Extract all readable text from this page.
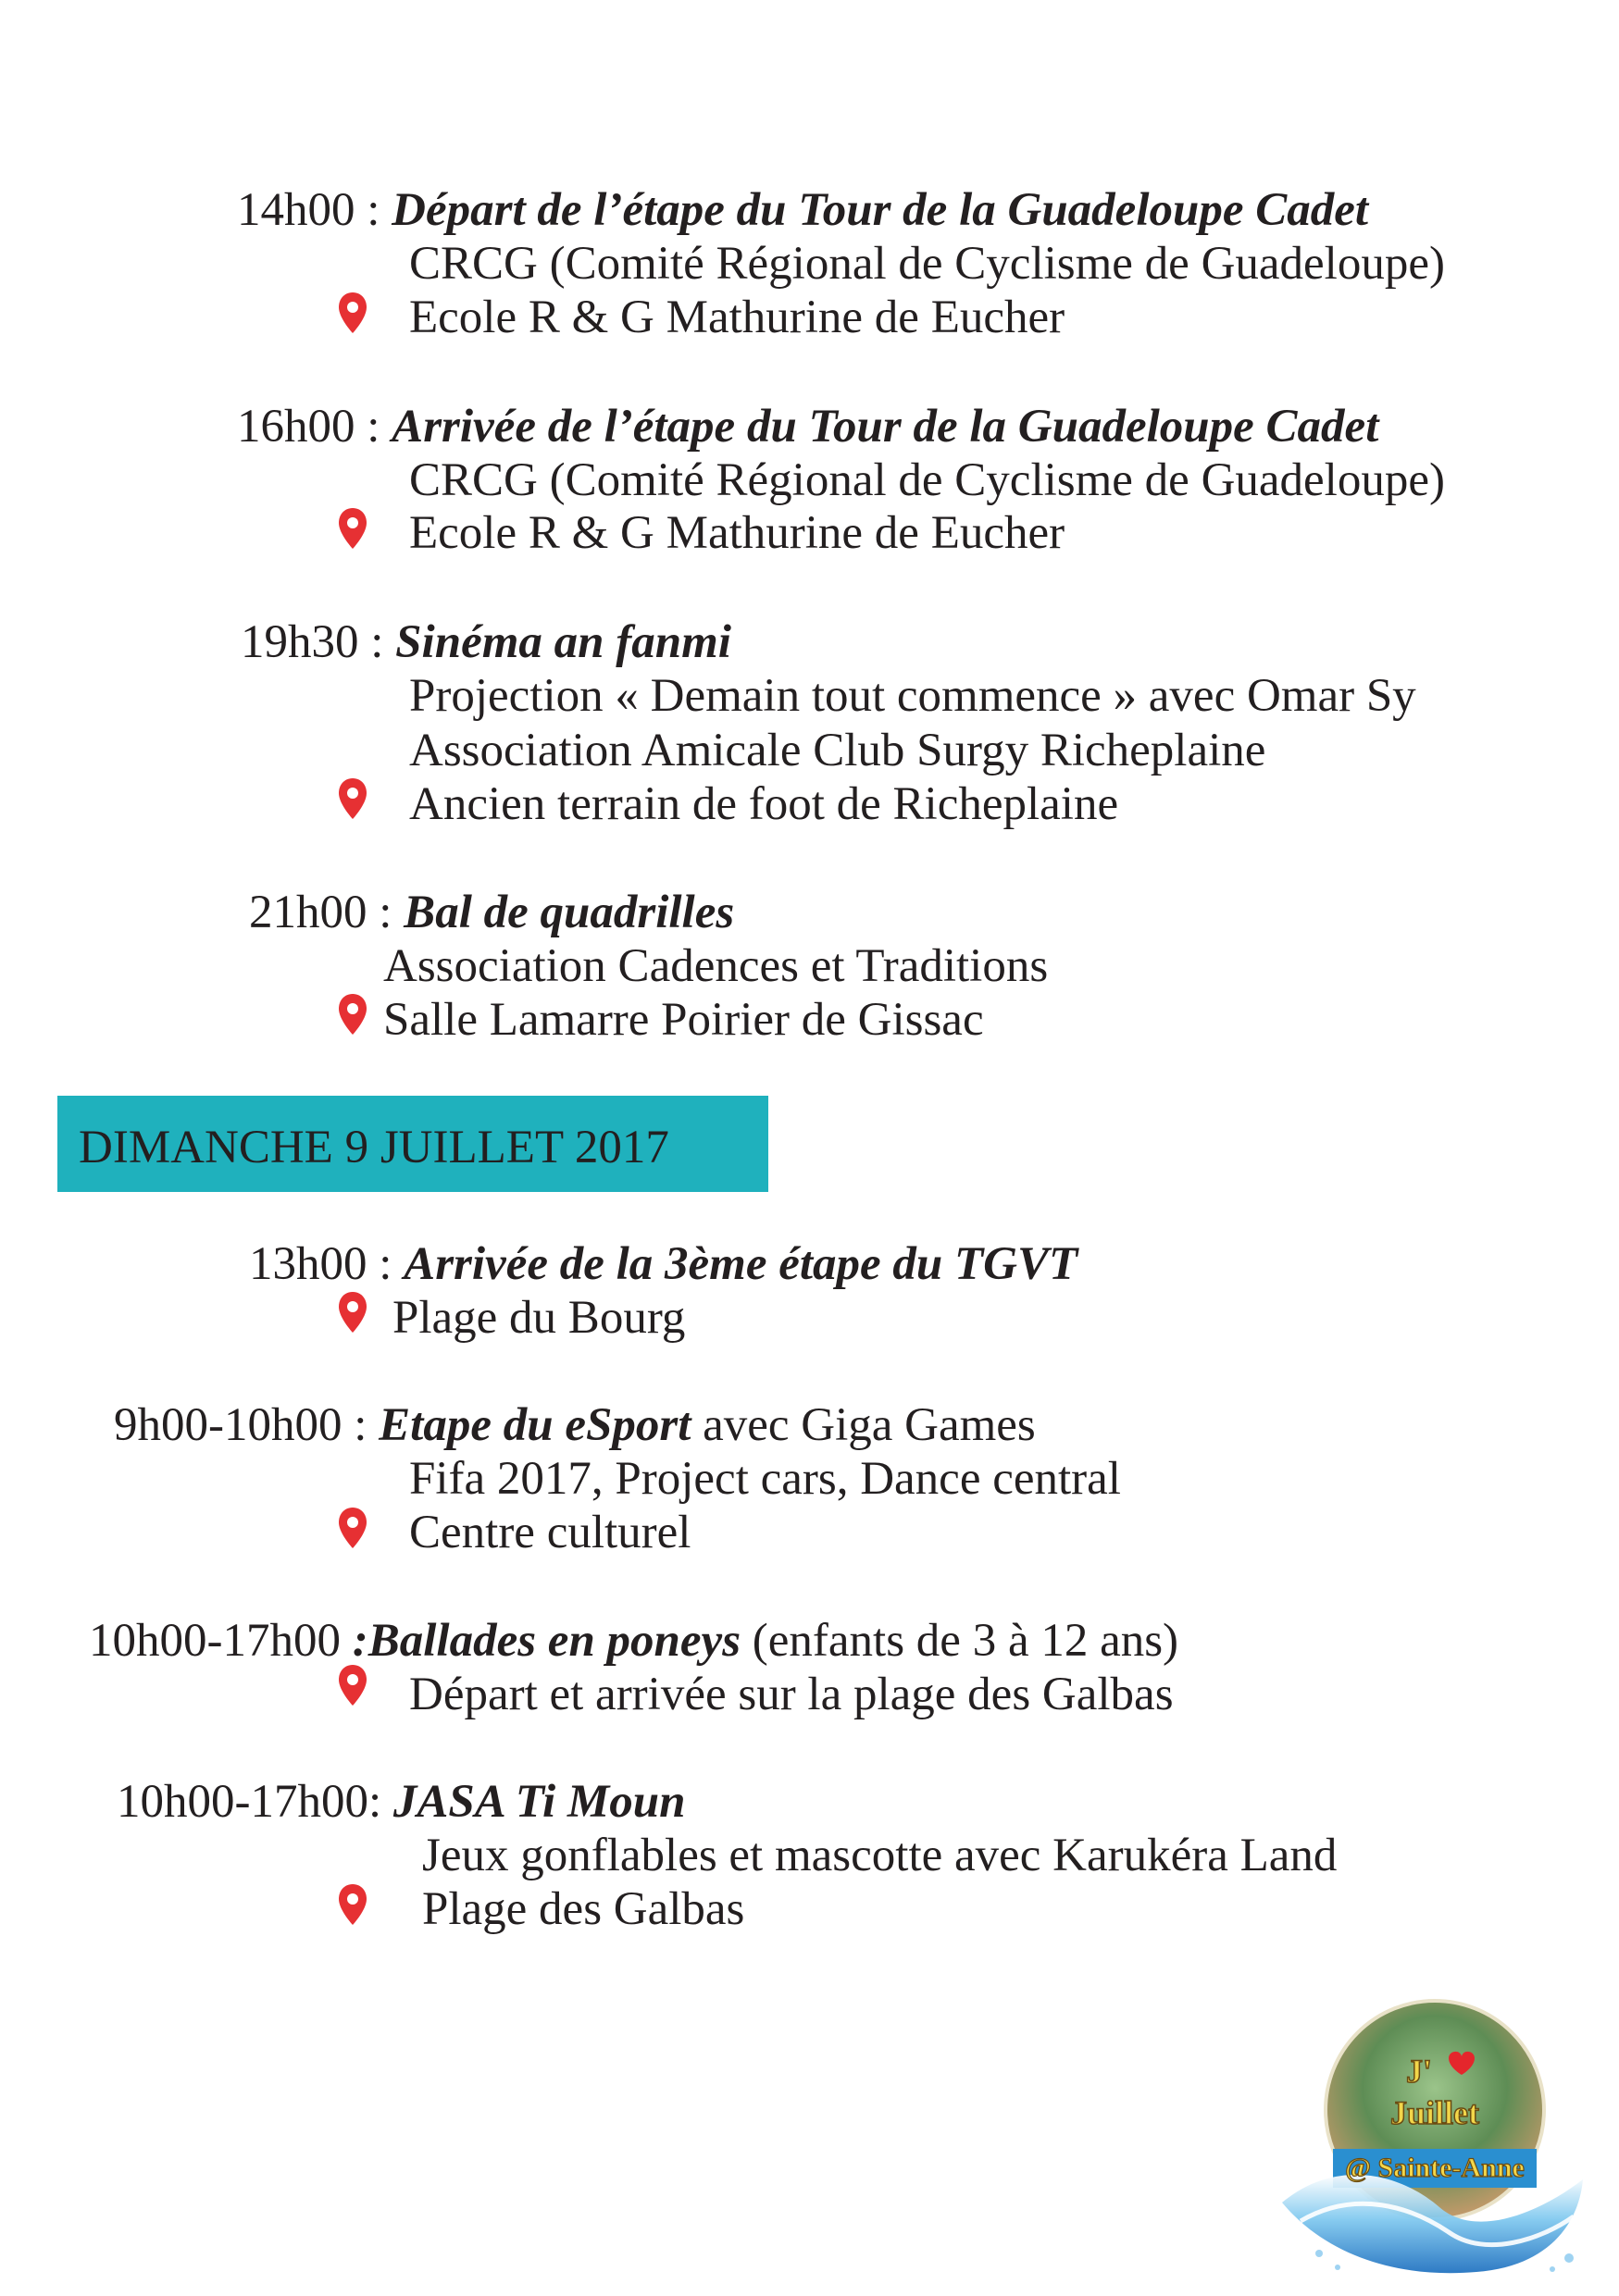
14h00 : Départ de l’étape du Tour de la Guadeloupe Cadet
CRCG (Comité Régional de Cyclisme de Guadeloupe)
Ecole R & G Mathurine de Eucher
16h00 : Arrivée de l’étape du Tour de la Guadeloupe Cadet
CRCG (Comité Régional de Cyclisme de Guadeloupe)
Ecole R & G Mathurine de Eucher
19h30 : Sinéma an fanmi
Projection « Demain tout commence » avec Omar Sy
Association Amicale Club Surgy Richeplaine
Ancien terrain de foot de Richeplaine
21h00 : Bal de quadrilles
Association Cadences et Traditions
Salle Lamarre Poirier de Gissac
DIMANCHE 9 JUILLET 2017
13h00 : Arrivée de la 3ème étape du TGVT
Plage du Bourg
9h00-10h00 : Etape du eSport avec Giga Games
Fifa 2017, Project cars, Dance central
Centre culturel
10h00-17h00 :Ballades en poneys (enfants de 3 à 12 ans)
Départ et arrivée sur la plage des Galbas
10h00-17h00: JASA Ti Moun
Jeux gonflables et mascotte avec Karukéra Land
Plage des Galbas
J'
Juillet
@ Sainte-Anne
